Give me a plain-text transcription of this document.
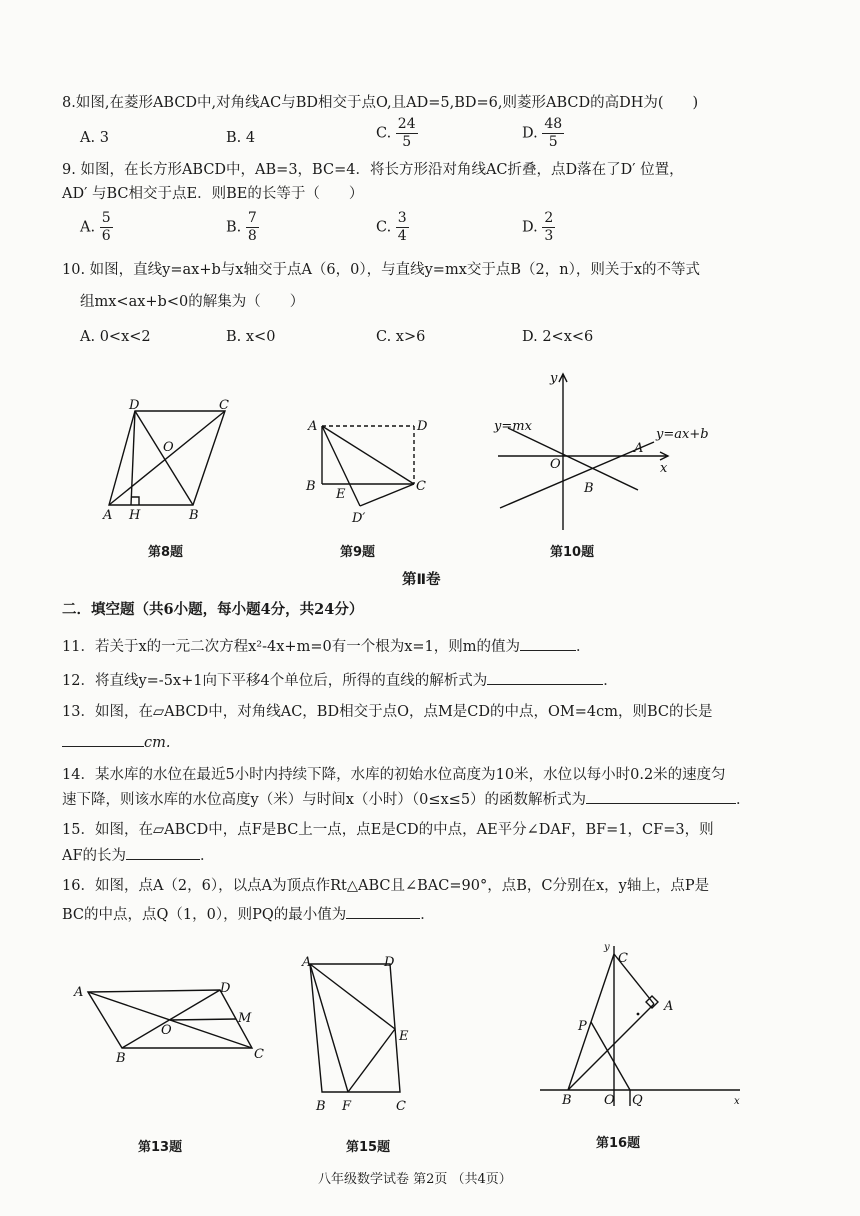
8.如图,在菱形ABCD中,对角线AC与BD相交于点O,且AD=5,BD=6,则菱形ABCD的高DH为(　　)
A. 3	B. 4	C. $\frac{24}{5}$	D. $\frac{48}{5}$
9. 如图，在长方形ABCD中，AB=3，BC=4．将长方形沿对角线AC折叠，点D落在了D′ 位置，
AD′ 与BC相交于点E．则BE的长等于（　　）
A. $\frac{5}{6}$	B. $\frac{7}{8}$	C. $\frac{3}{4}$	D. $\frac{2}{3}$
10. 如图，直线y=ax+b与x轴交于点A（6，0），与直线y=mx交于点B（2，n），则关于x的不等式
组mx<ax+b<0的解集为（　　）
A. 0<x<2	B. x<0	C. x>6	D. 2<x<6
D	C
O
A H	B
第8题
A	D
B
E
C
D′
第9题
y
x
O
A
B
y=mx
y=ax+b
第10题
第Ⅱ卷
二．填空题（共6小题，每小题4分，共24分）
11．若关于x的一元二次方程x²-4x+m=0有一个根为x=1，则m的值为	．
12．将直线y=-5x+1向下平移4个单位后，所得的直线的解析式为	．
13．如图，在▱ABCD中，对角线AC，BD相交于点O，点M是CD的中点，OM=4cm，则BC的长是
cm.
14．某水库的水位在最近5小时内持续下降，水库的初始水位高度为10米，水位以每小时0.2米的速度匀
速下降，则该水库的水位高度y（米）与时间x（小时）（0≤x≤5）的函数解析式为	．
15．如图，在▱ABCD中，点F是BC上一点，点E是CD的中点，AE平分∠DAF，BF=1，CF=3，则
AF的长为	．
16．如图，点A（2，6），以点A为顶点作Rt△ABC且∠BAC=90°，点B，C分别在x，y轴上，点P是
BC的中点，点Q（1，0），则PQ的最小值为	．
A	D
O
M
B	C
第13题
A	D
E
B F	C
第15题
y
C
A
P
B O Q	x
第16题
八年级数学试卷 第2页 （共4页）
